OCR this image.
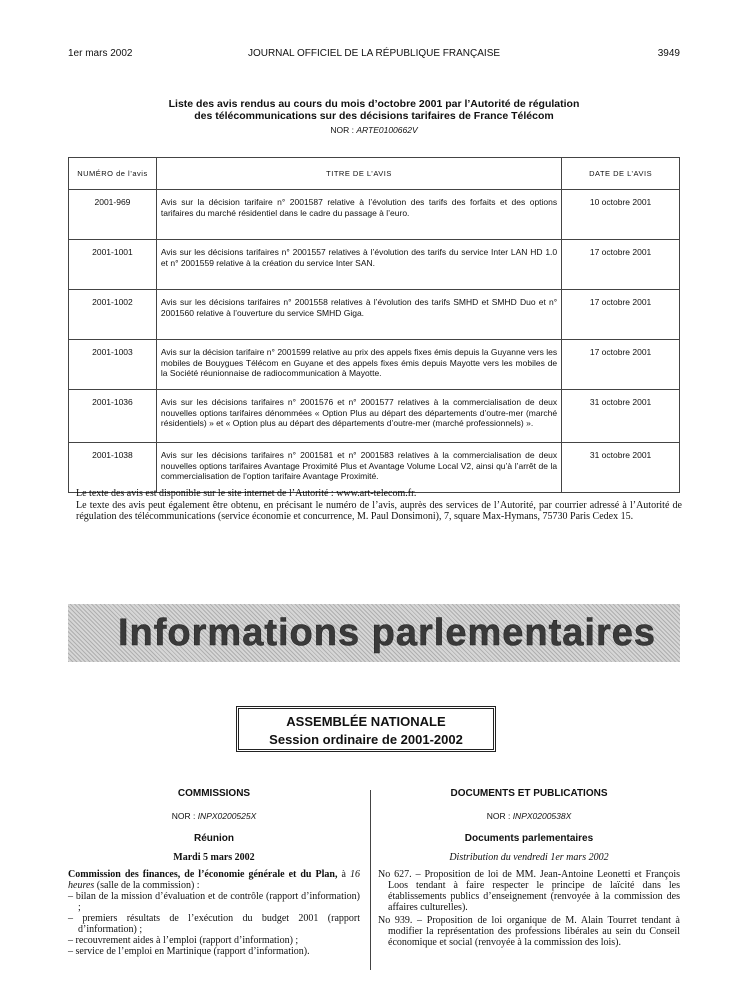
1er mars 2002	JOURNAL OFFICIEL DE LA RÉPUBLIQUE FRANÇAISE	3949
Liste des avis rendus au cours du mois d’octobre 2001 par l’Autorité de régulation
des télécommunications sur des décisions tarifaires de France Télécom
NOR : ARTE0100662V
NUMÉRO de l’avis	TITRE DE L’AVIS	DATE DE L’AVIS
2001-969	Avis sur la décision tarifaire n° 2001587 relative à l’évolution des tarifs des forfaits et des options tarifaires du marché résidentiel dans le cadre du passage à l’euro.	10 octobre 2001
2001-1001	Avis sur les décisions tarifaires n° 2001557 relatives à l’évolution des tarifs du service Inter LAN HD 1.0 et n° 2001559 relative à la création du service Inter SAN.	17 octobre 2001
2001-1002	Avis sur les décisions tarifaires n° 2001558 relatives à l’évolution des tarifs SMHD et SMHD Duo et n° 2001560 relative à l’ouverture du service SMHD Giga.	17 octobre 2001
2001-1003	Avis sur la décision tarifaire n° 2001599 relative au prix des appels fixes émis depuis la Guyanne vers les mobiles de Bouygues Télécom en Guyane et des appels fixes émis depuis Mayotte vers les mobiles de la Société réunionnaise de radiocommunication à Mayotte.	17 octobre 2001
2001-1036	Avis sur les décisions tarifaires n° 2001576 et n° 2001577 relatives à la commercialisation de deux nouvelles options tarifaires dénommées « Option Plus au départ des départements d’outre-mer (marché résidentiels) » et « Option plus au départ des départements d’outre-mer (marché professionnels) ».	31 octobre 2001
2001-1038	Avis sur les décisions tarifaires n° 2001581 et n° 2001583 relatives à la commercialisation de deux nouvelles options tarifaires Avantage Proximité Plus et Avantage Volume Local V2, ainsi qu’à l’arrêt de la commercialisation de l’option tarifaire Avantage Proximité.	31 octobre 2001
Le texte des avis est disponible sur le site internet de l’Autorité : www.art-telecom.fr.
Le texte des avis peut également être obtenu, en précisant le numéro de l’avis, auprès des services de l’Autorité, par courrier adressé à l’Autorité de régulation des télécommunications (service économie et concurrence, M. Paul Donsimoni), 7, square Max-Hymans, 75730 Paris Cedex 15.
Informations parlementaires
ASSEMBLÉE NATIONALE
Session ordinaire de 2001-2002
COMMISSIONS
NOR : INPX0200525X
Réunion
Mardi 5 mars 2002
Commission des finances, de l’économie générale et du Plan, à 16 heures (salle de la commission) :
– bilan de la mission d’évaluation et de contrôle (rapport d’information) ;
– premiers résultats de l’exécution du budget 2001 (rapport d’information) ;
– recouvrement aides à l’emploi (rapport d’information) ;
– service de l’emploi en Martinique (rapport d’information).
DOCUMENTS ET PUBLICATIONS
NOR : INPX0200538X
Documents parlementaires
Distribution du vendredi 1er mars 2002
No 627. – Proposition de loi de MM. Jean-Antoine Leonetti et François Loos tendant à faire respecter le principe de laïcité dans les établissements publics d’enseignement (renvoyée à la commission des affaires culturelles).
No 939. – Proposition de loi organique de M. Alain Tourret tendant à modifier la représentation des professions libérales au sein du Conseil économique et social (renvoyée à la commission des lois).
